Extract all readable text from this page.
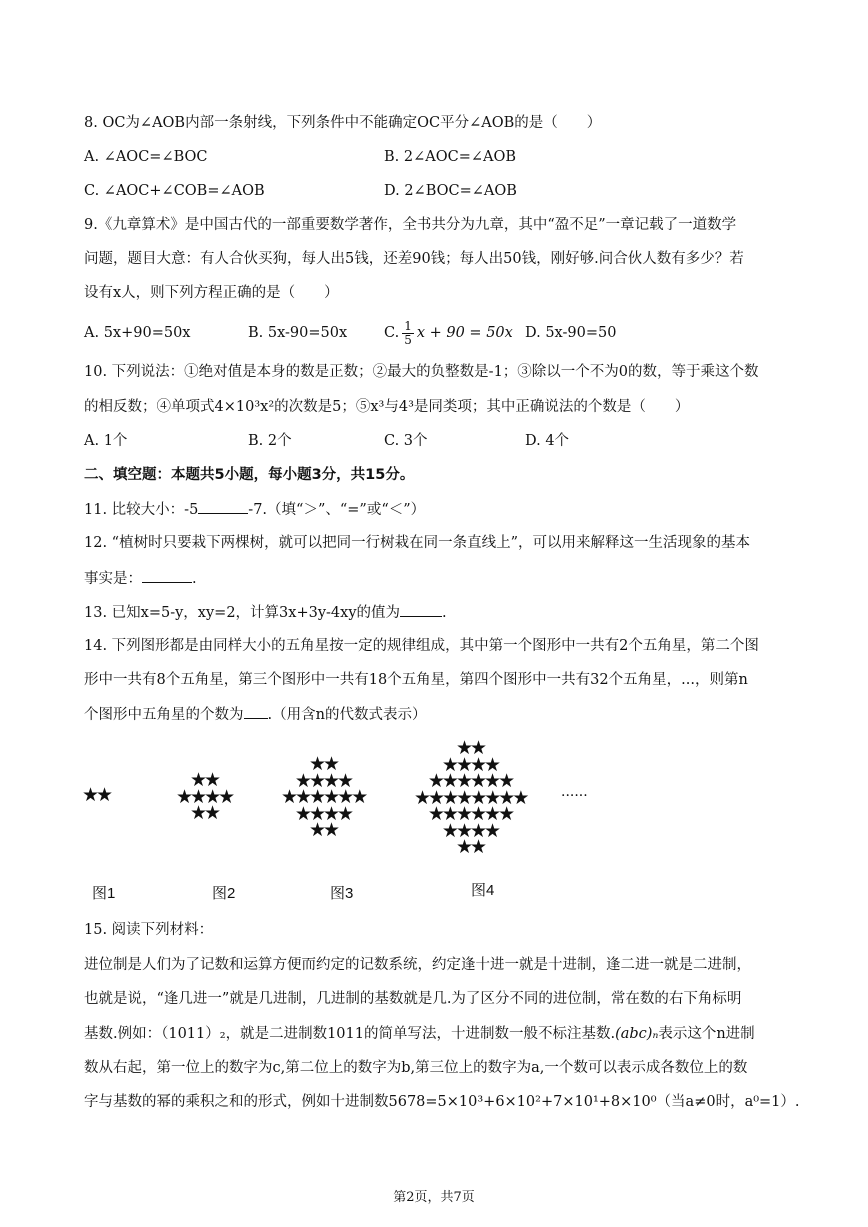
8. OC为∠AOB内部一条射线，下列条件中不能确定OC平分∠AOB的是（　　）
A. ∠AOC=∠BOC	B. 2∠AOC=∠AOB
C. ∠AOC+∠COB=∠AOB	D. 2∠BOC=∠AOB
9.《九章算术》是中国古代的一部重要数学著作，全书共分为九章，其中“盈不足”一章记载了一道数学
问题，题目大意：有人合伙买狗，每人出5钱，还差90钱；每人出50钱，刚好够.问合伙人数有多少？若
设有x人，则下列方程正确的是（　　）
A. 5x+90=50x	B. 5x-90=50x	C. $\frac{1}{5}$ x + 90 = 50x D. 5x-90=50
10. 下列说法：①绝对值是本身的数是正数；②最大的负整数是-1；③除以一个不为0的数，等于乘这个数
的相反数；④单项式4×10³x²的次数是5；⑤x³与4³是同类项；其中正确说法的个数是（　　）
A. 1个	B. 2个	C. 3个	D. 4个
二、填空题：本题共5小题，每小题3分，共15分。
11. 比较大小：-5	-7.（填“＞”、“=”或“＜”）
12. “植树时只要栽下两棵树，就可以把同一行树栽在同一条直线上”，可以用来解释这一生活现象的基本
事实是：	.
13. 已知x=5-y，xy=2，计算3x+3y-4xy的值为	.
14. 下列图形都是由同样大小的五角星按一定的规律组成，其中第一个图形中一共有2个五角星，第二个图
形中一共有8个五角星，第三个图形中一共有18个五角星，第四个图形中一共有32个五角星，...，则第n
个图形中五角星的个数为 .（用含n的代数式表示）
★★
★★
★★★★
★★
★★
★★★★
★★★★★★
★★★★
★★
★★
★★★★
★★★★★★
★★★★★★★★
★★★★★★
★★★★
★★
······
图1	图2	图3	图4
15. 阅读下列材料：
进位制是人们为了记数和运算方便而约定的记数系统，约定逢十进一就是十进制，逢二进一就是二进制，
也就是说，“逢几进一”就是几进制，几进制的基数就是几.为了区分不同的进位制，常在数的右下角标明
基数.例如：（1011）₂，就是二进制数1011的简单写法，十进制数一般不标注基数.(abc)ₙ表示这个n进制
数从右起，第一位上的数字为c,第二位上的数字为b,第三位上的数字为a,一个数可以表示成各数位上的数
字与基数的幂的乘积之和的形式，例如十进制数5678=5×10³+6×10²+7×10¹+8×10⁰（当a≠0时，a⁰=1）.
第2页，共7页
